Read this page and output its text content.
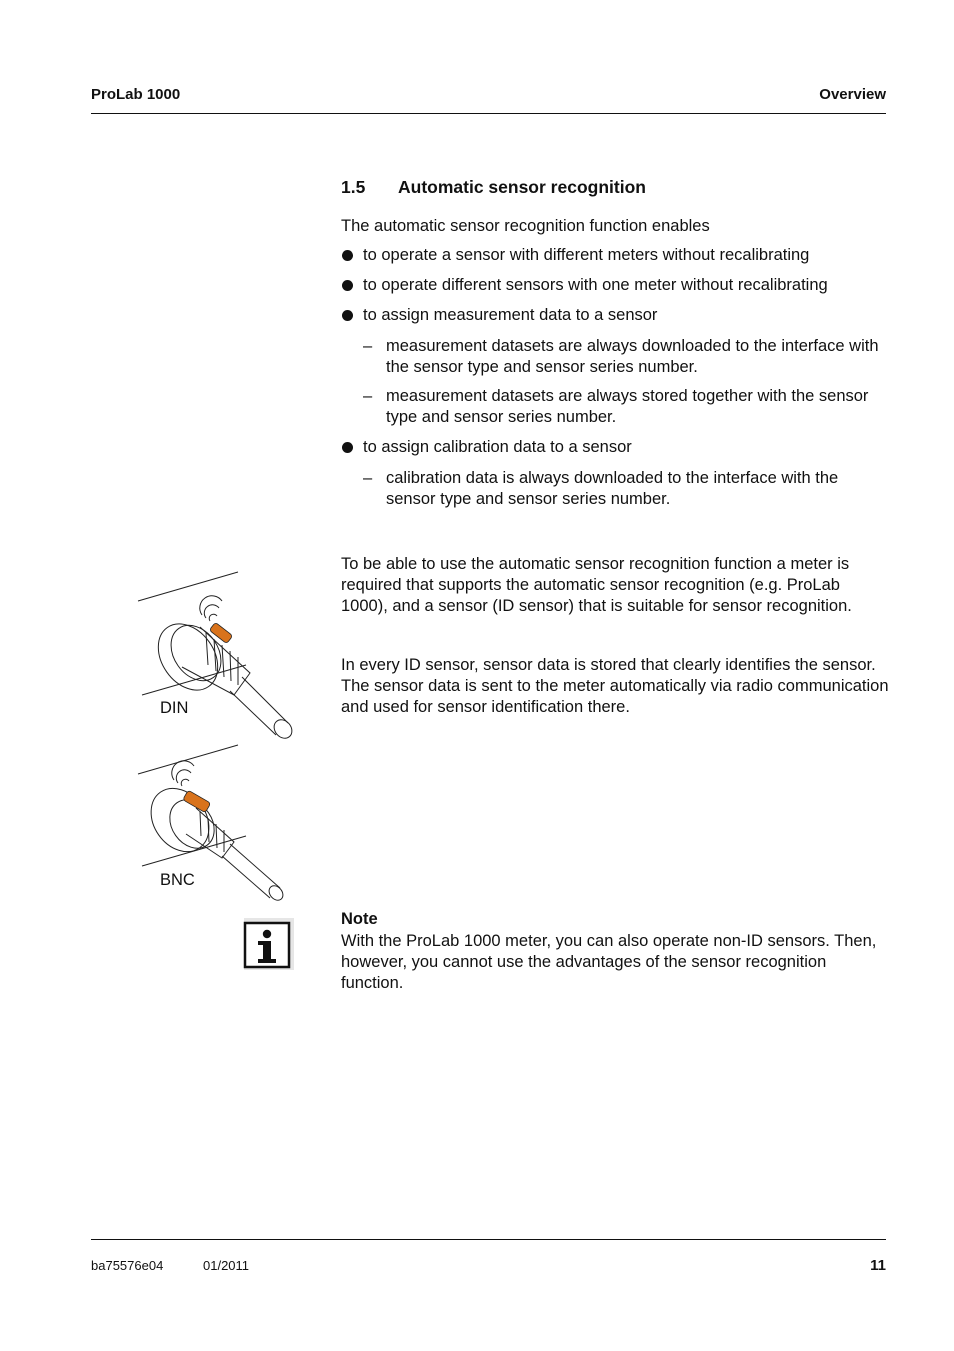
ProLab 1000	Overview
1.5 Automatic sensor recognition
The automatic sensor recognition function enables
to operate a sensor with different meters without recalibrating
to operate different sensors with one meter without recalibrating
to assign measurement data to a sensor
– measurement datasets are always downloaded to the interface with the sensor type and sensor series number.
– measurement datasets are always stored together with the sensor type and sensor series number.
to assign calibration data to a sensor
– calibration data is always downloaded to the interface with the sensor type and sensor series number.
To be able to use the automatic sensor recognition function a meter is required that supports the automatic sensor recognition (e.g. ProLab 1000), and a sensor (ID sensor) that is suitable for sensor recognition.
In every ID sensor, sensor data is stored that clearly identifies the sensor.
The sensor data is sent to the meter automatically via radio communication and used for sensor identification there.
DIN
BNC
Note
With the ProLab 1000 meter, you can also operate non-ID sensors. Then, however, you cannot use the advantages of the sensor recognition function.
ba75576e04	01/2011	11
